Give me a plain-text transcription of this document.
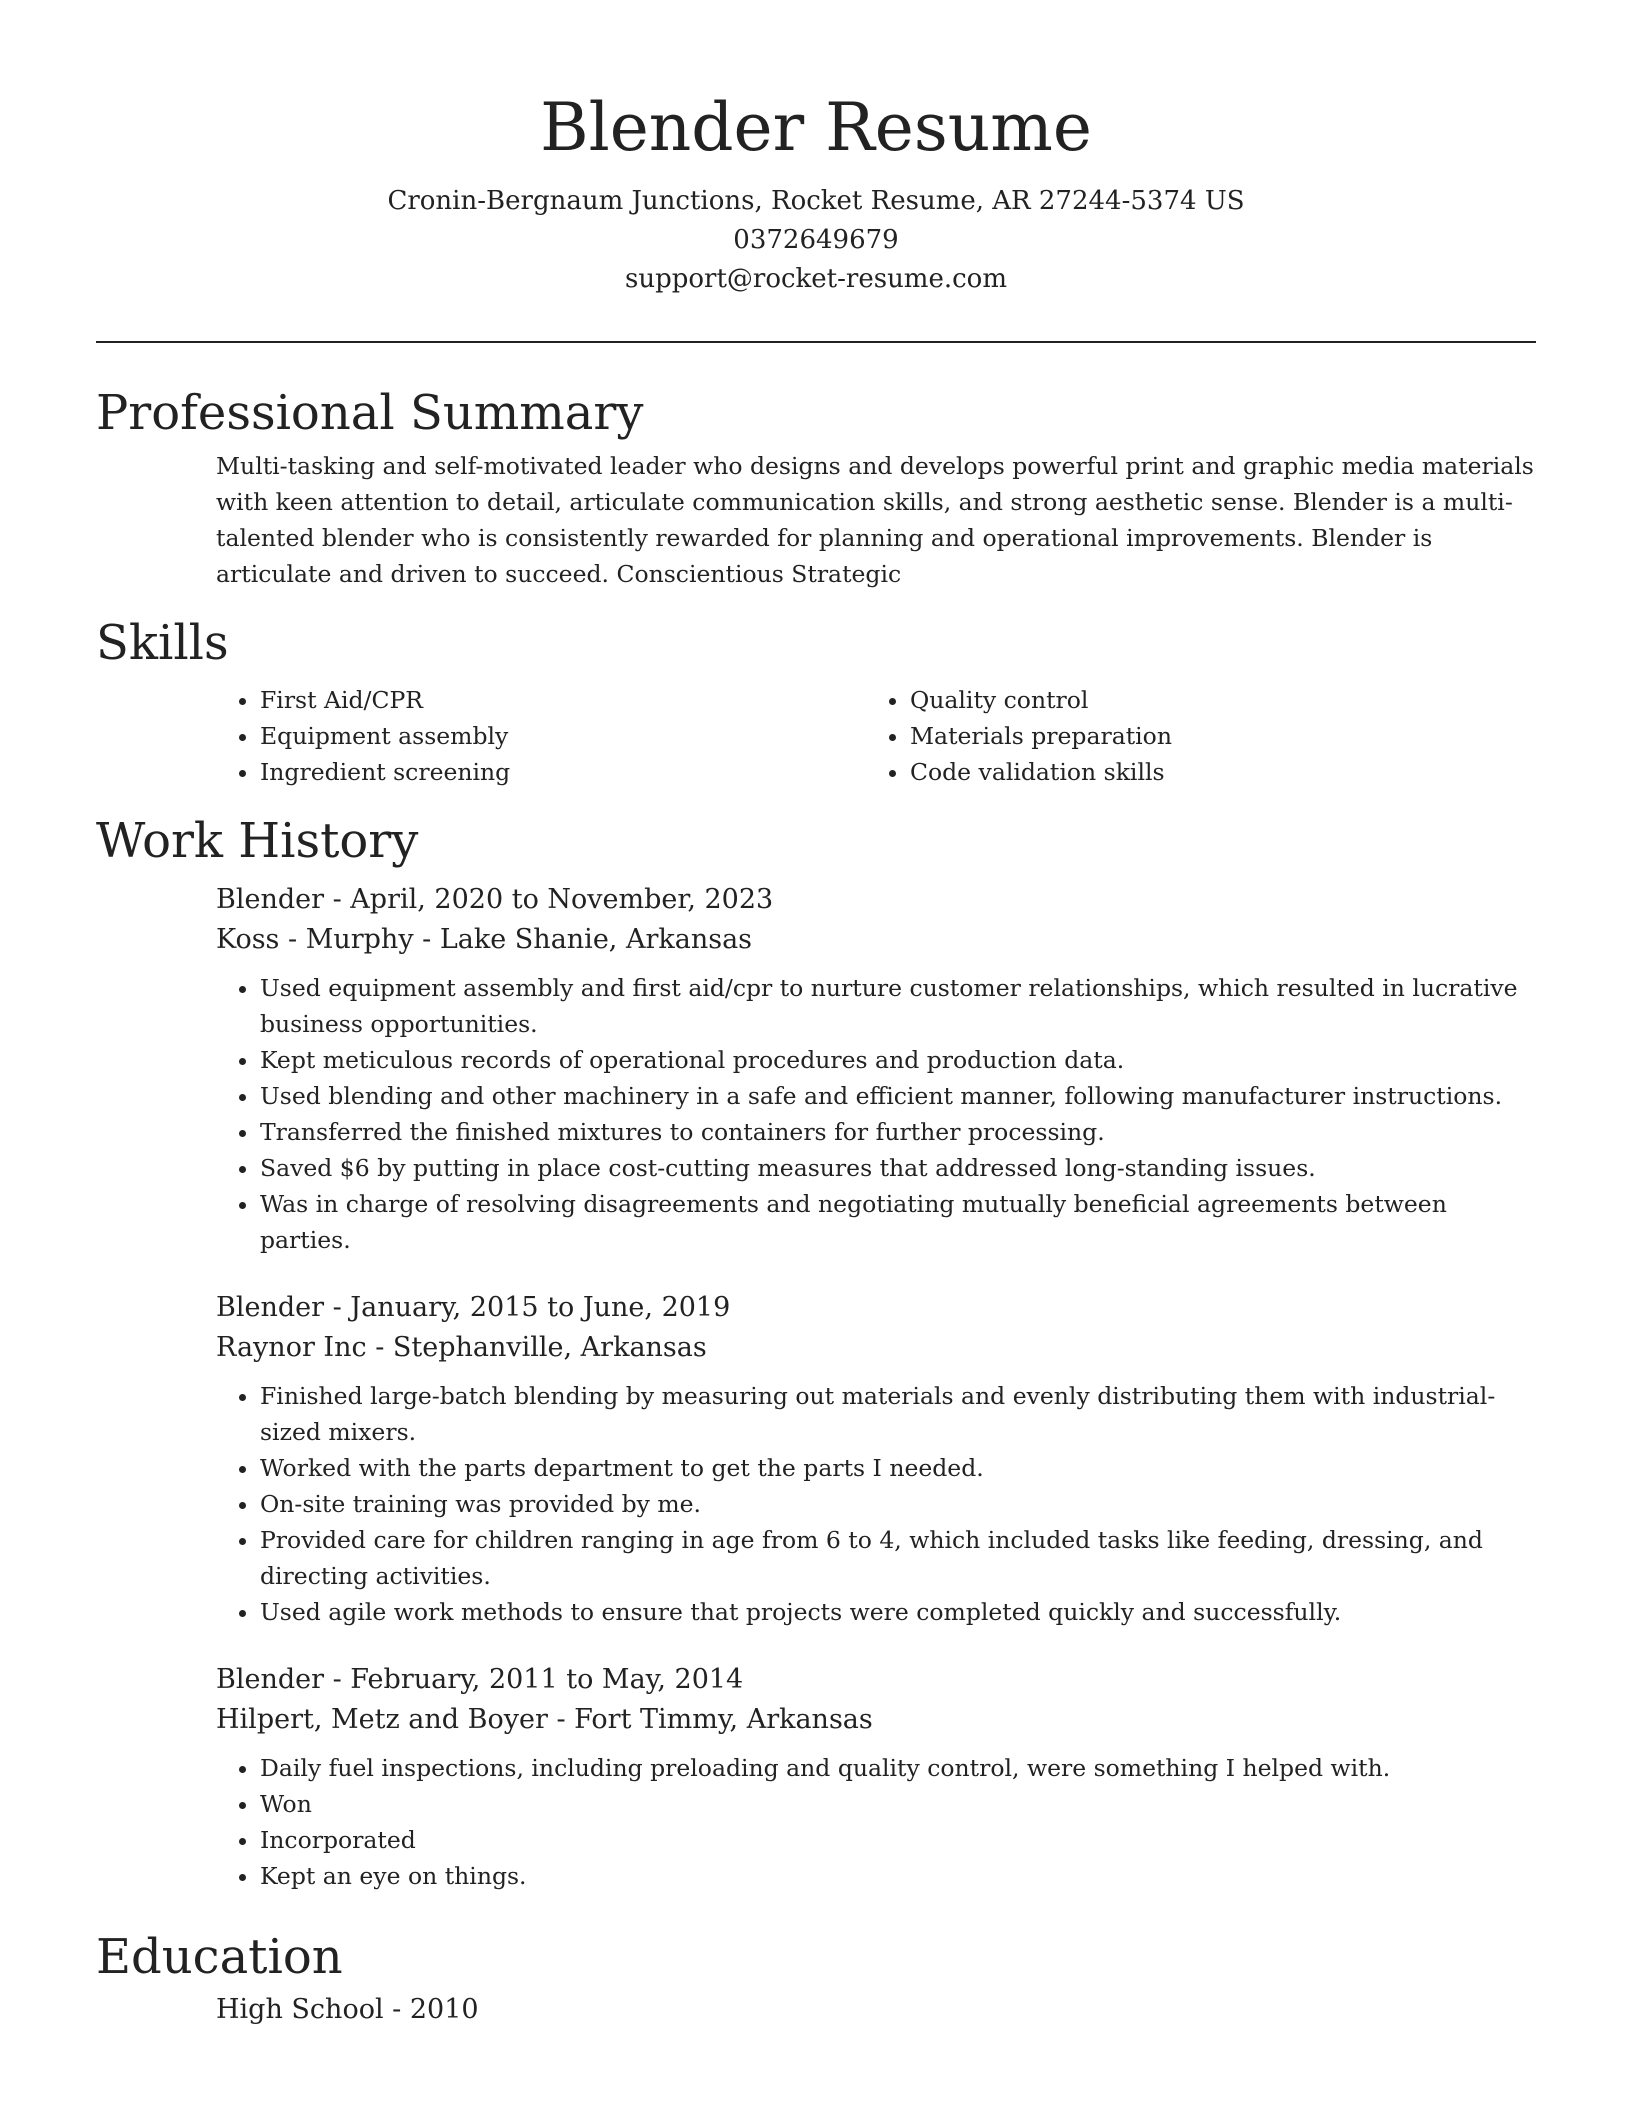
Blender Resume
Cronin-Bergnaum Junctions, Rocket Resume, AR 27244-5374 US
0372649679
support@rocket-resume.com
Professional Summary

Multi-tasking and self-motivated leader who designs and develops powerful print and graphic media materials with keen attention to detail, articulate communication skills, and strong aesthetic sense. Blender is a multi-talented blender who is consistently rewarded for planning and operational improvements. Blender is articulate and driven to succeed. Conscientious Strategic

Skills
• First Aid/CPR
• Equipment assembly
• Ingredient screening
• Quality control
• Materials preparation
• Code validation skills
Work History
Blender - April, 2020 to November, 2023
Koss - Murphy - Lake Shanie, Arkansas
• Used equipment assembly and first aid/cpr to nurture customer relationships, which resulted in lucrative business opportunities.
• Kept meticulous records of operational procedures and production data.
• Used blending and other machinery in a safe and efficient manner, following manufacturer instructions.
• Transferred the finished mixtures to containers for further processing.
• Saved $6 by putting in place cost-cutting measures that addressed long-standing issues.
• Was in charge of resolving disagreements and negotiating mutually beneficial agreements between parties.
Blender - January, 2015 to June, 2019
Raynor Inc - Stephanville, Arkansas
• Finished large-batch blending by measuring out materials and evenly distributing them with industrial-sized mixers.
• Worked with the parts department to get the parts I needed.
• On-site training was provided by me.
• Provided care for children ranging in age from 6 to 4, which included tasks like feeding, dressing, and directing activities.
• Used agile work methods to ensure that projects were completed quickly and successfully.
Blender - February, 2011 to May, 2014
Hilpert, Metz and Boyer - Fort Timmy, Arkansas
• Daily fuel inspections, including preloading and quality control, were something I helped with.
• Won
• Incorporated
• Kept an eye on things.
Education
High School - 2010
